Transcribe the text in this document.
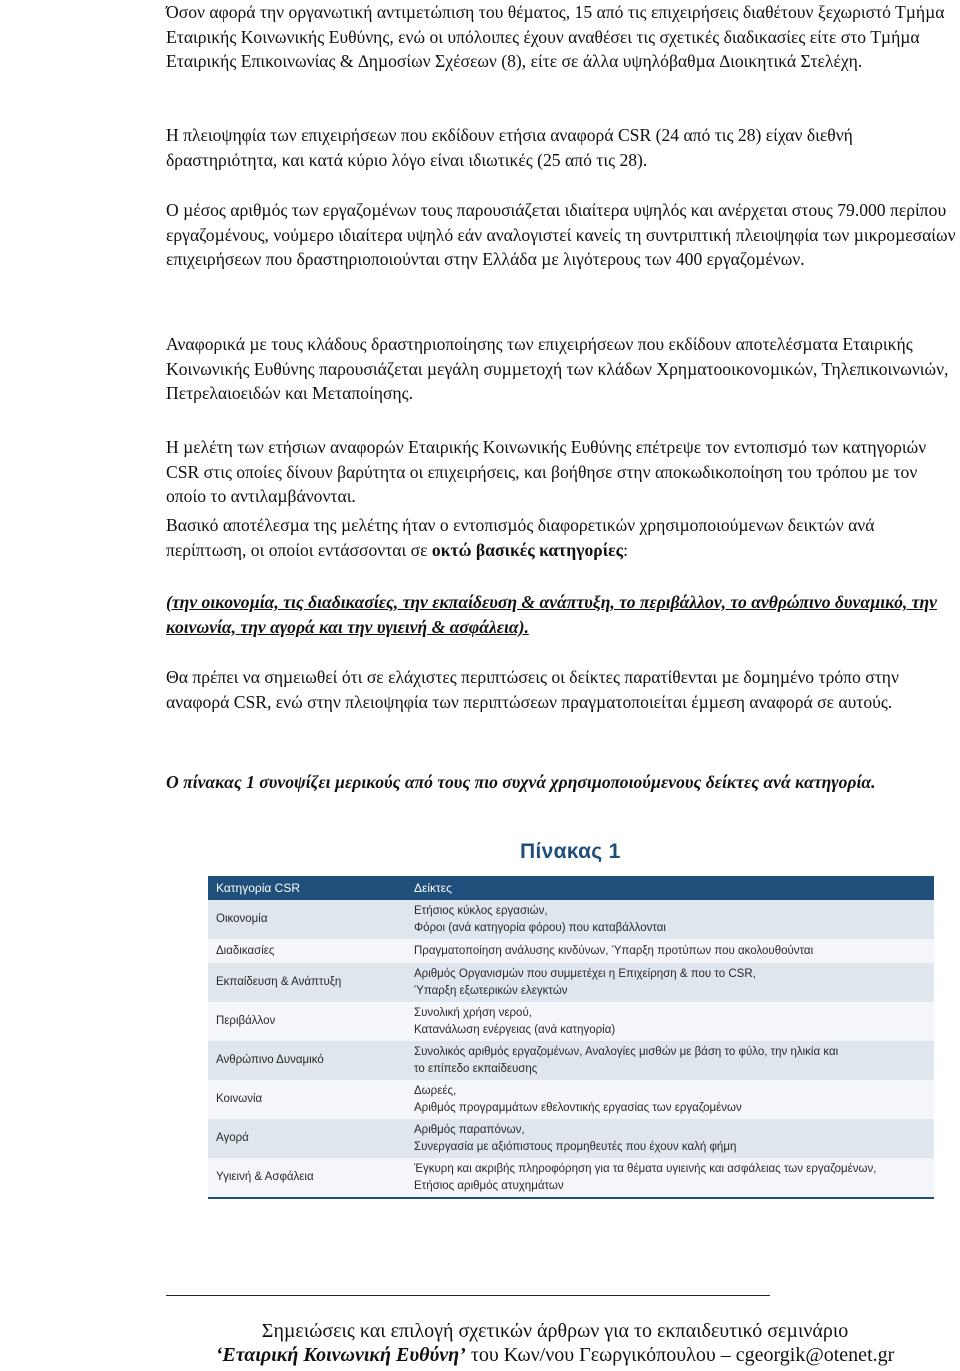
Όσον αφορά την οργανωτική αντιµετώπιση του θέµατος, 15 από τις επιχειρήσεις διαθέτουν ξεχωριστό Τµήµα Εταιρικής Κοινωνικής Ευθύνης, ενώ οι υπόλοιπες έχουν αναθέσει τις σχετικές διαδικασίες είτε στο Τµήµα Εταιρικής Επικοινωνίας & ∆ηµοσίων Σχέσεων (8), είτε σε άλλα υψηλόβαθµα ∆ιοικητικά Στελέχη.

Η πλειοψηφία των επιχειρήσεων που εκδίδουν ετήσια αναφορά CSR (24 από τις 28) είχαν διεθνή δραστηριότητα, και κατά κύριο λόγο είναι ιδιωτικές (25 από τις 28).

Ο µέσος αριθµός των εργαζοµένων τους παρουσιάζεται ιδιαίτερα υψηλός και ανέρχεται στους 79.000 περίπου εργαζοµένους, νούµερο ιδιαίτερα υψηλό εάν αναλογιστεί κανείς τη συντριπτική πλειοψηφία των µικροµεσαίων επιχειρήσεων που δραστηριοποιούνται στην Ελλάδα µε λιγότερους των 400 εργαζοµένων.

Αναφορικά µε τους κλάδους δραστηριοποίησης των επιχειρήσεων που εκδίδουν αποτελέσµατα Εταιρικής Κοινωνικής Ευθύνης παρουσιάζεται µεγάλη συµµετοχή των κλάδων Χρηµατοοικονοµικών, Τηλεπικοινωνιών, Πετρελαιοειδών και Μεταποίησης.

Η µελέτη των ετήσιων αναφορών Εταιρικής Κοινωνικής Ευθύνης επέτρεψε τον εντοπισµό των κατηγοριών CSR στις οποίες δίνουν βαρύτητα οι επιχειρήσεις, και βοήθησε στην αποκωδικοποίηση του τρόπου µε τον οποίο το αντιλαµβάνονται.

Βασικό αποτέλεσµα της µελέτης ήταν ο εντοπισµός διαφορετικών χρησιµοποιούµενων δεικτών ανά περίπτωση, οι οποίοι εντάσσονται σε οκτώ βασικές κατηγορίες:

(την οικονοµία, τις διαδικασίες, την εκπαίδευση & ανάπτυξη, το περιβάλλον, το ανθρώπινο δυναµικό, την κοινωνία, την αγορά και την υγιεινή & ασφάλεια).

Θα πρέπει να σηµειωθεί ότι σε ελάχιστες περιπτώσεις οι δείκτες παρατίθενται µε δοµηµένο τρόπο στην αναφορά CSR, ενώ στην πλειοψηφία των περιπτώσεων πραγµατοποιείται έµµεση αναφορά σε αυτούς.

Ο πίνακας 1 συνοψίζει µερικούς από τους πιο συχνά χρησιµοποιούµενους δείκτες ανά κατηγορία.

Πίνακας 1
Κατηγορία CSR	Δείκτες
Οικονομία	Ετήσιος κύκλος εργασιών,
Φόροι (ανά κατηγορία φόρου) που καταβάλλονται

Διαδικασίες	Πραγματοποίηση ανάλυσης κινδύνων, Ύπαρξη προτύπων που ακολουθούνται

Εκπαίδευση & Ανάπτυξη	Αριθμός Οργανισμών που συμμετέχει η Επιχείρηση & που το CSR,
Ύπαρξη εξωτερικών ελεγκτών

Περιβάλλον	Συνολική χρήση νερού,
Κατανάλωση ενέργειας (ανά κατηγορία)

Ανθρώπινο Δυναμικό	Συνολικός αριθμός εργαζομένων, Αναλογίες μισθών με βάση το φύλο, την ηλικία και
το επίπεδο εκπαίδευσης

Κοινωνία	Δωρεές,
Αριθμός προγραμμάτων εθελοντικής εργασίας των εργαζομένων

Αγορά	Αριθμός παραπόνων,
Συνεργασία με αξιόπιστους προμηθευτές που έχουν καλή φήμη

Υγιεινή & Ασφάλεια	Έγκυρη και ακριβής πληροφόρηση για τα θέματα υγιεινής και ασφάλειας των εργαζομένων,
Ετήσιος αριθμός ατυχημάτων
Σηµειώσεις και επιλογή σχετικών άρθρων για το εκπαιδευτικό σεµινάριο
‘Εταιρική Κοινωνική Ευθύνη’ του Κων/νου Γεωργικόπουλου – cgeorgik@otenet.gr
